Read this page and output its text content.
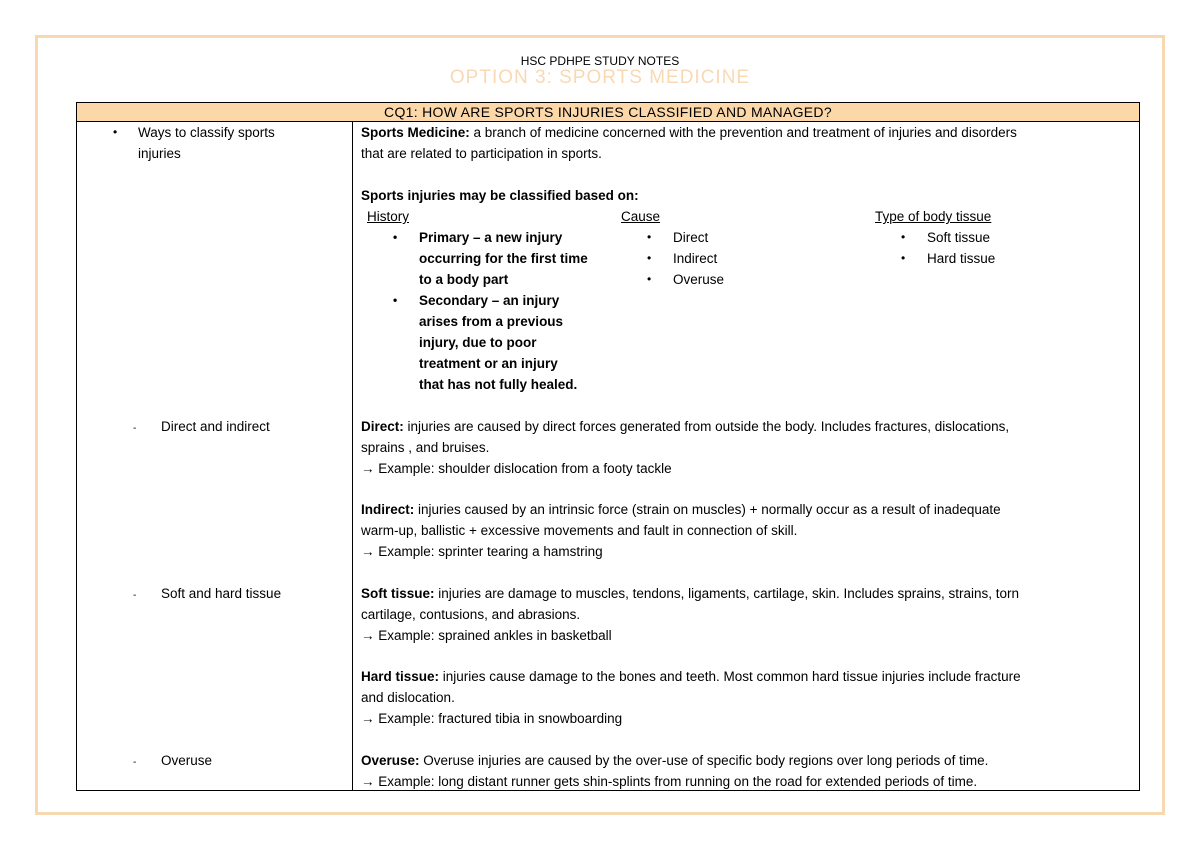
HSC PDHPE STUDY NOTES
OPTION 3: SPORTS MEDICINE
CQ1: HOW ARE SPORTS INJURIES CLASSIFIED AND MANAGED?
• Ways to classify sports
injuries
- Direct and indirect
- Soft and hard tissue
- Overuse
Sports Medicine: a branch of medicine concerned with the prevention and treatment of injuries and disorders
that are related to participation in sports.
Sports injuries may be classified based on:
History
• Primary – a new injury
occurring for the first time
to a body part
• Secondary – an injury
arises from a previous
injury, due to poor
treatment or an injury
that has not fully healed.
Cause
• Direct
• Indirect
• Overuse
Type of body tissue
• Soft tissue
• Hard tissue
Direct: injuries are caused by direct forces generated from outside the body. Includes fractures, dislocations,
sprains , and bruises.
→ Example: shoulder dislocation from a footy tackle
Indirect: injuries caused by an intrinsic force (strain on muscles) + normally occur as a result of inadequate
warm-up, ballistic + excessive movements and fault in connection of skill.
→ Example: sprinter tearing a hamstring
Soft tissue: injuries are damage to muscles, tendons, ligaments, cartilage, skin. Includes sprains, strains, torn
cartilage, contusions, and abrasions.
→ Example: sprained ankles in basketball
Hard tissue: injuries cause damage to the bones and teeth. Most common hard tissue injuries include fracture
and dislocation.
→ Example: fractured tibia in snowboarding
Overuse: Overuse injuries are caused by the over-use of specific body regions over long periods of time.
→ Example: long distant runner gets shin-splints from running on the road for extended periods of time.
